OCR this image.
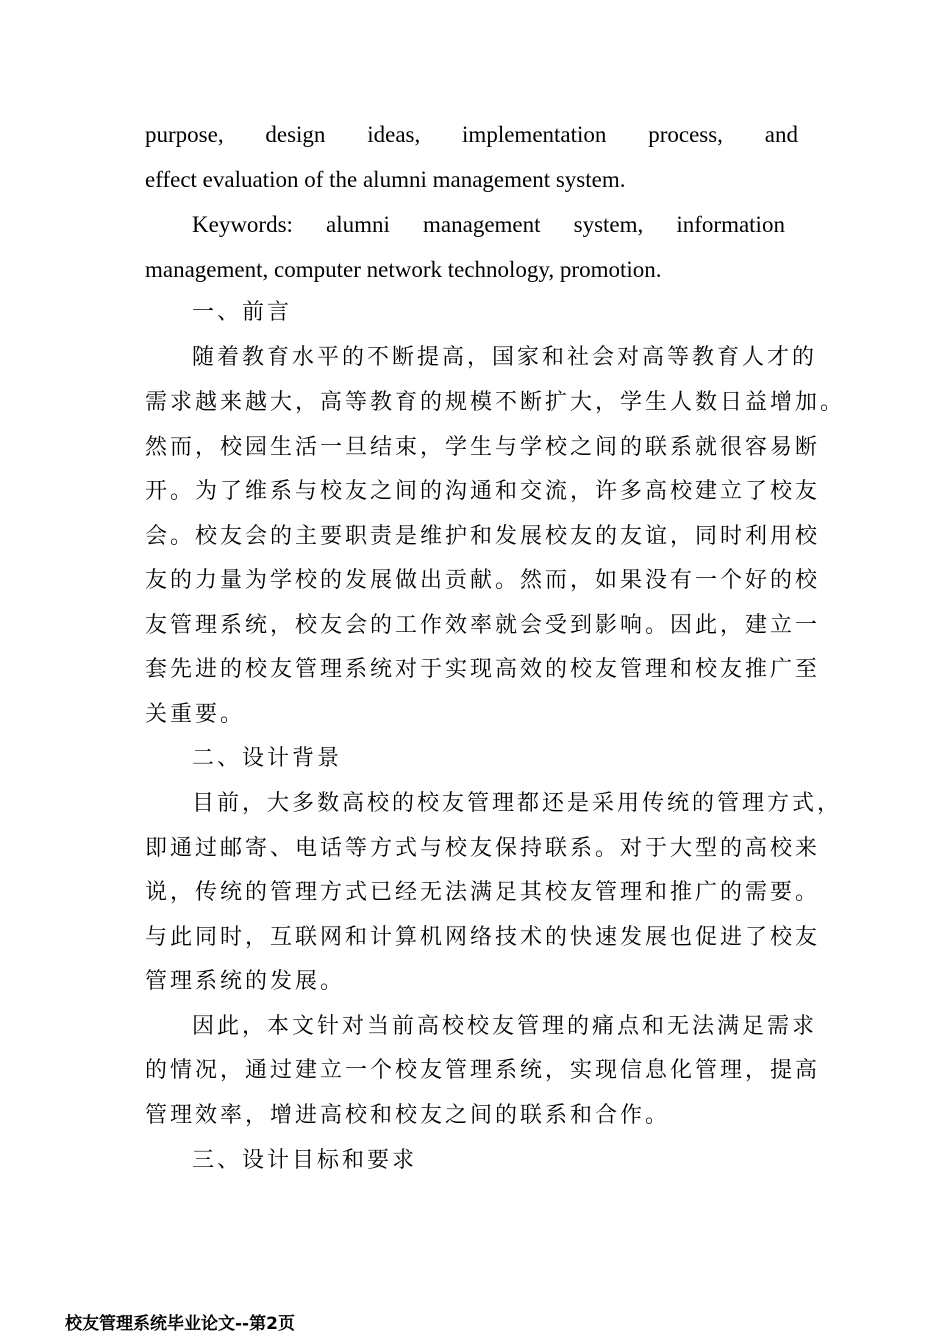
purpose, design ideas, implementation process, and
effect evaluation of the alumni management system.
Keywords: alumni management system, information
management, computer network technology, promotion.
一、前言
随着教育水平的不断提高，国家和社会对高等教育人才的
需求越来越大，高等教育的规模不断扩大，学生人数日益增加。
然而，校园生活一旦结束，学生与学校之间的联系就很容易断
开。为了维系与校友之间的沟通和交流，许多高校建立了校友
会。校友会的主要职责是维护和发展校友的友谊，同时利用校
友的力量为学校的发展做出贡献。然而，如果没有一个好的校
友管理系统，校友会的工作效率就会受到影响。因此，建立一
套先进的校友管理系统对于实现高效的校友管理和校友推广至
关重要。
二、设计背景
目前，大多数高校的校友管理都还是采用传统的管理方式，
即通过邮寄、电话等方式与校友保持联系。对于大型的高校来
说，传统的管理方式已经无法满足其校友管理和推广的需要。
与此同时，互联网和计算机网络技术的快速发展也促进了校友
管理系统的发展。
因此，本文针对当前高校校友管理的痛点和无法满足需求
的情况，通过建立一个校友管理系统，实现信息化管理，提高
管理效率，增进高校和校友之间的联系和合作。
三、设计目标和要求
校友管理系统毕业论文--第2页
